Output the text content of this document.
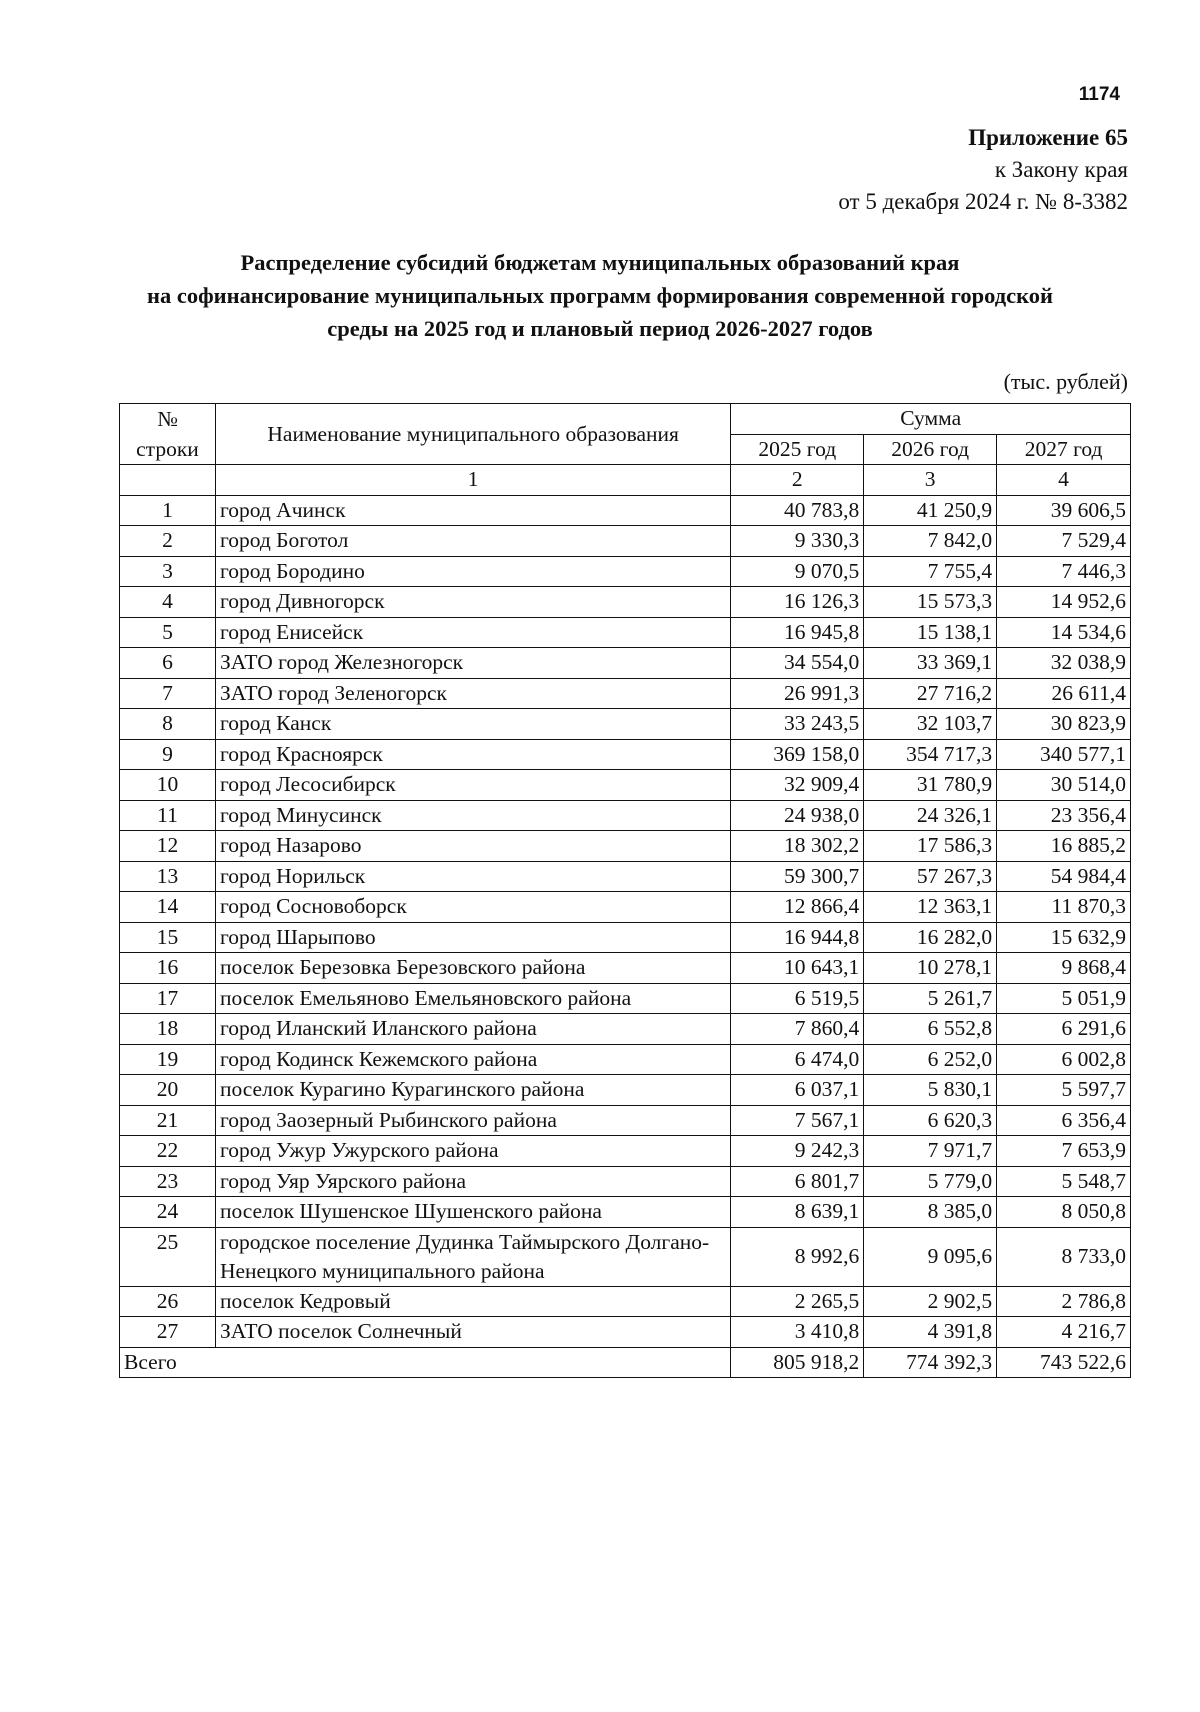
1174
Приложение 65
к Закону края
от 5 декабря 2024 г. № 8-3382
Распределение субсидий бюджетам муниципальных образований края
на софинансирование муниципальных программ формирования современной городской
среды на 2025 год и плановый период 2026-2027 годов
(тыс. рублей)
№
строки	Наименование муниципального образования	Сумма		
		2025 год	2026 год	2027 год
	1	2	3	4
1	город Ачинск	40 783,8	41 250,9	39 606,5
2	город Боготол	9 330,3	7 842,0	7 529,4
3	город Бородино	9 070,5	7 755,4	7 446,3
4	город Дивногорск	16 126,3	15 573,3	14 952,6
5	город Енисейск	16 945,8	15 138,1	14 534,6
6	ЗАТО город Железногорск	34 554,0	33 369,1	32 038,9
7	ЗАТО город Зеленогорск	26 991,3	27 716,2	26 611,4
8	город Канск	33 243,5	32 103,7	30 823,9
9	город Красноярск	369 158,0	354 717,3	340 577,1
10	город Лесосибирск	32 909,4	31 780,9	30 514,0
11	город Минусинск	24 938,0	24 326,1	23 356,4
12	город Назарово	18 302,2	17 586,3	16 885,2
13	город Норильск	59 300,7	57 267,3	54 984,4
14	город Сосновоборск	12 866,4	12 363,1	11 870,3
15	город Шарыпово	16 944,8	16 282,0	15 632,9
16	поселок Березовка Березовского района	10 643,1	10 278,1	9 868,4
17	поселок Емельяново Емельяновского района	6 519,5	5 261,7	5 051,9
18	город Иланский Иланского района	7 860,4	6 552,8	6 291,6
19	город Кодинск Кежемского района	6 474,0	6 252,0	6 002,8
20	поселок Курагино Курагинского района	6 037,1	5 830,1	5 597,7
21	город Заозерный Рыбинского района	7 567,1	6 620,3	6 356,4
22	город Ужур Ужурского района	9 242,3	7 971,7	7 653,9
23	город Уяр Уярского района	6 801,7	5 779,0	5 548,7
24	поселок Шушенское Шушенского района	8 639,1	8 385,0	8 050,8
25	городское поселение Дудинка Таймырского Долгано-Ненецкого муниципального района	8 992,6	9 095,6	8 733,0
26	поселок Кедровый	2 265,5	2 902,5	2 786,8
27	ЗАТО поселок Солнечный	3 410,8	4 391,8	4 216,7
Всего		805 918,2	774 392,3	743 522,6
